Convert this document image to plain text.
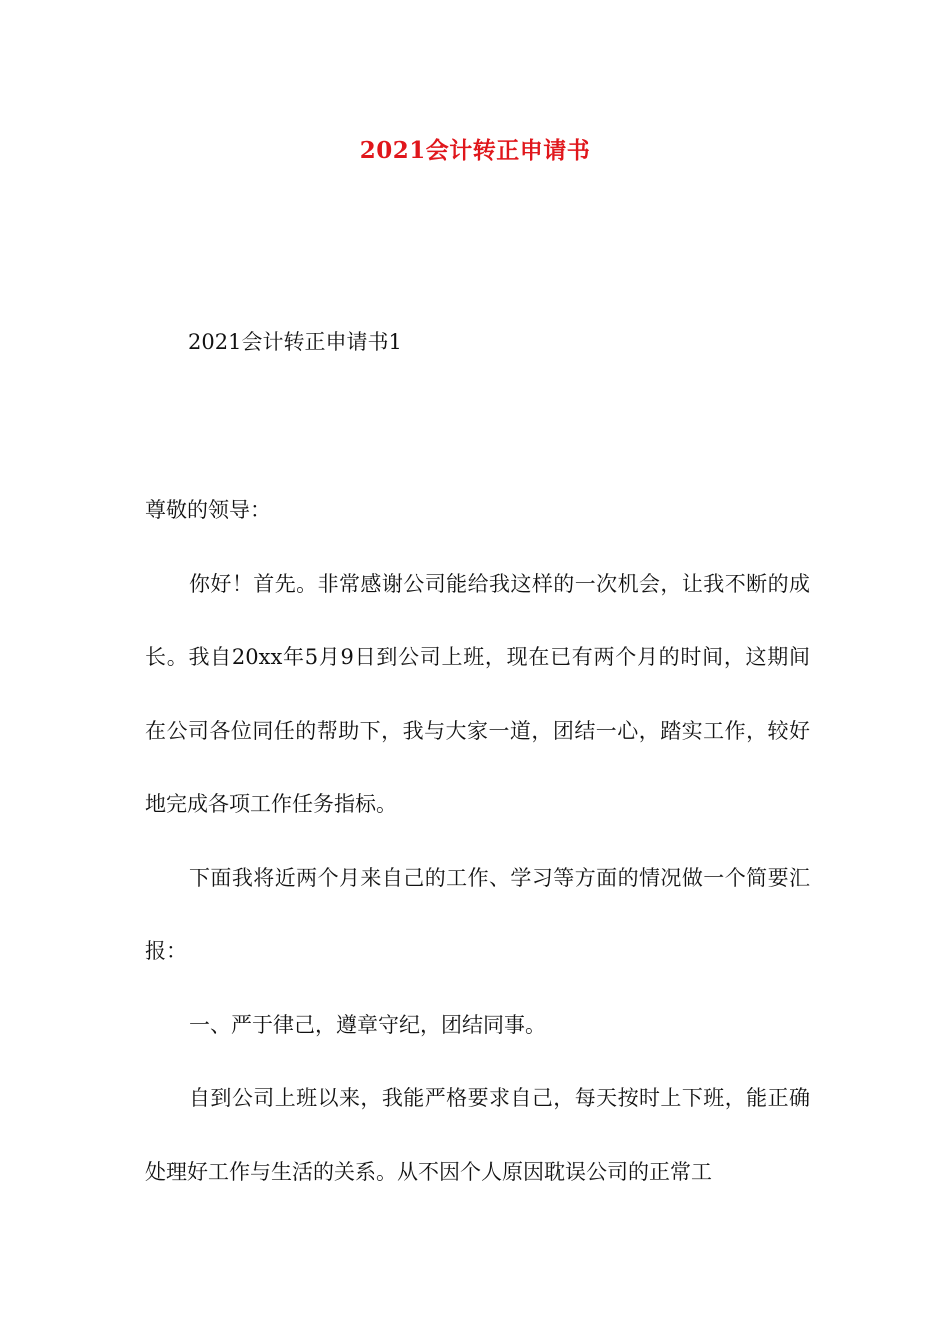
2021会计转正申请书
2021会计转正申请书1

尊敬的领导：

你好！首先。非常感谢公司能给我这样的一次机会，让我不断的成长。我自20xx年5月9日到公司上班，现在已有两个月的时间，这期间在公司各位同任的帮助下，我与大家一道，团结一心，踏实工作，较好地完成各项工作任务指标。

下面我将近两个月来自己的工作、学习等方面的情况做一个简要汇报：

一、严于律己，遵章守纪，团结同事。

自到公司上班以来，我能严格要求自己，每天按时上下班，能正确处理好工作与生活的关系。从不因个人原因耽误公司的正常工
